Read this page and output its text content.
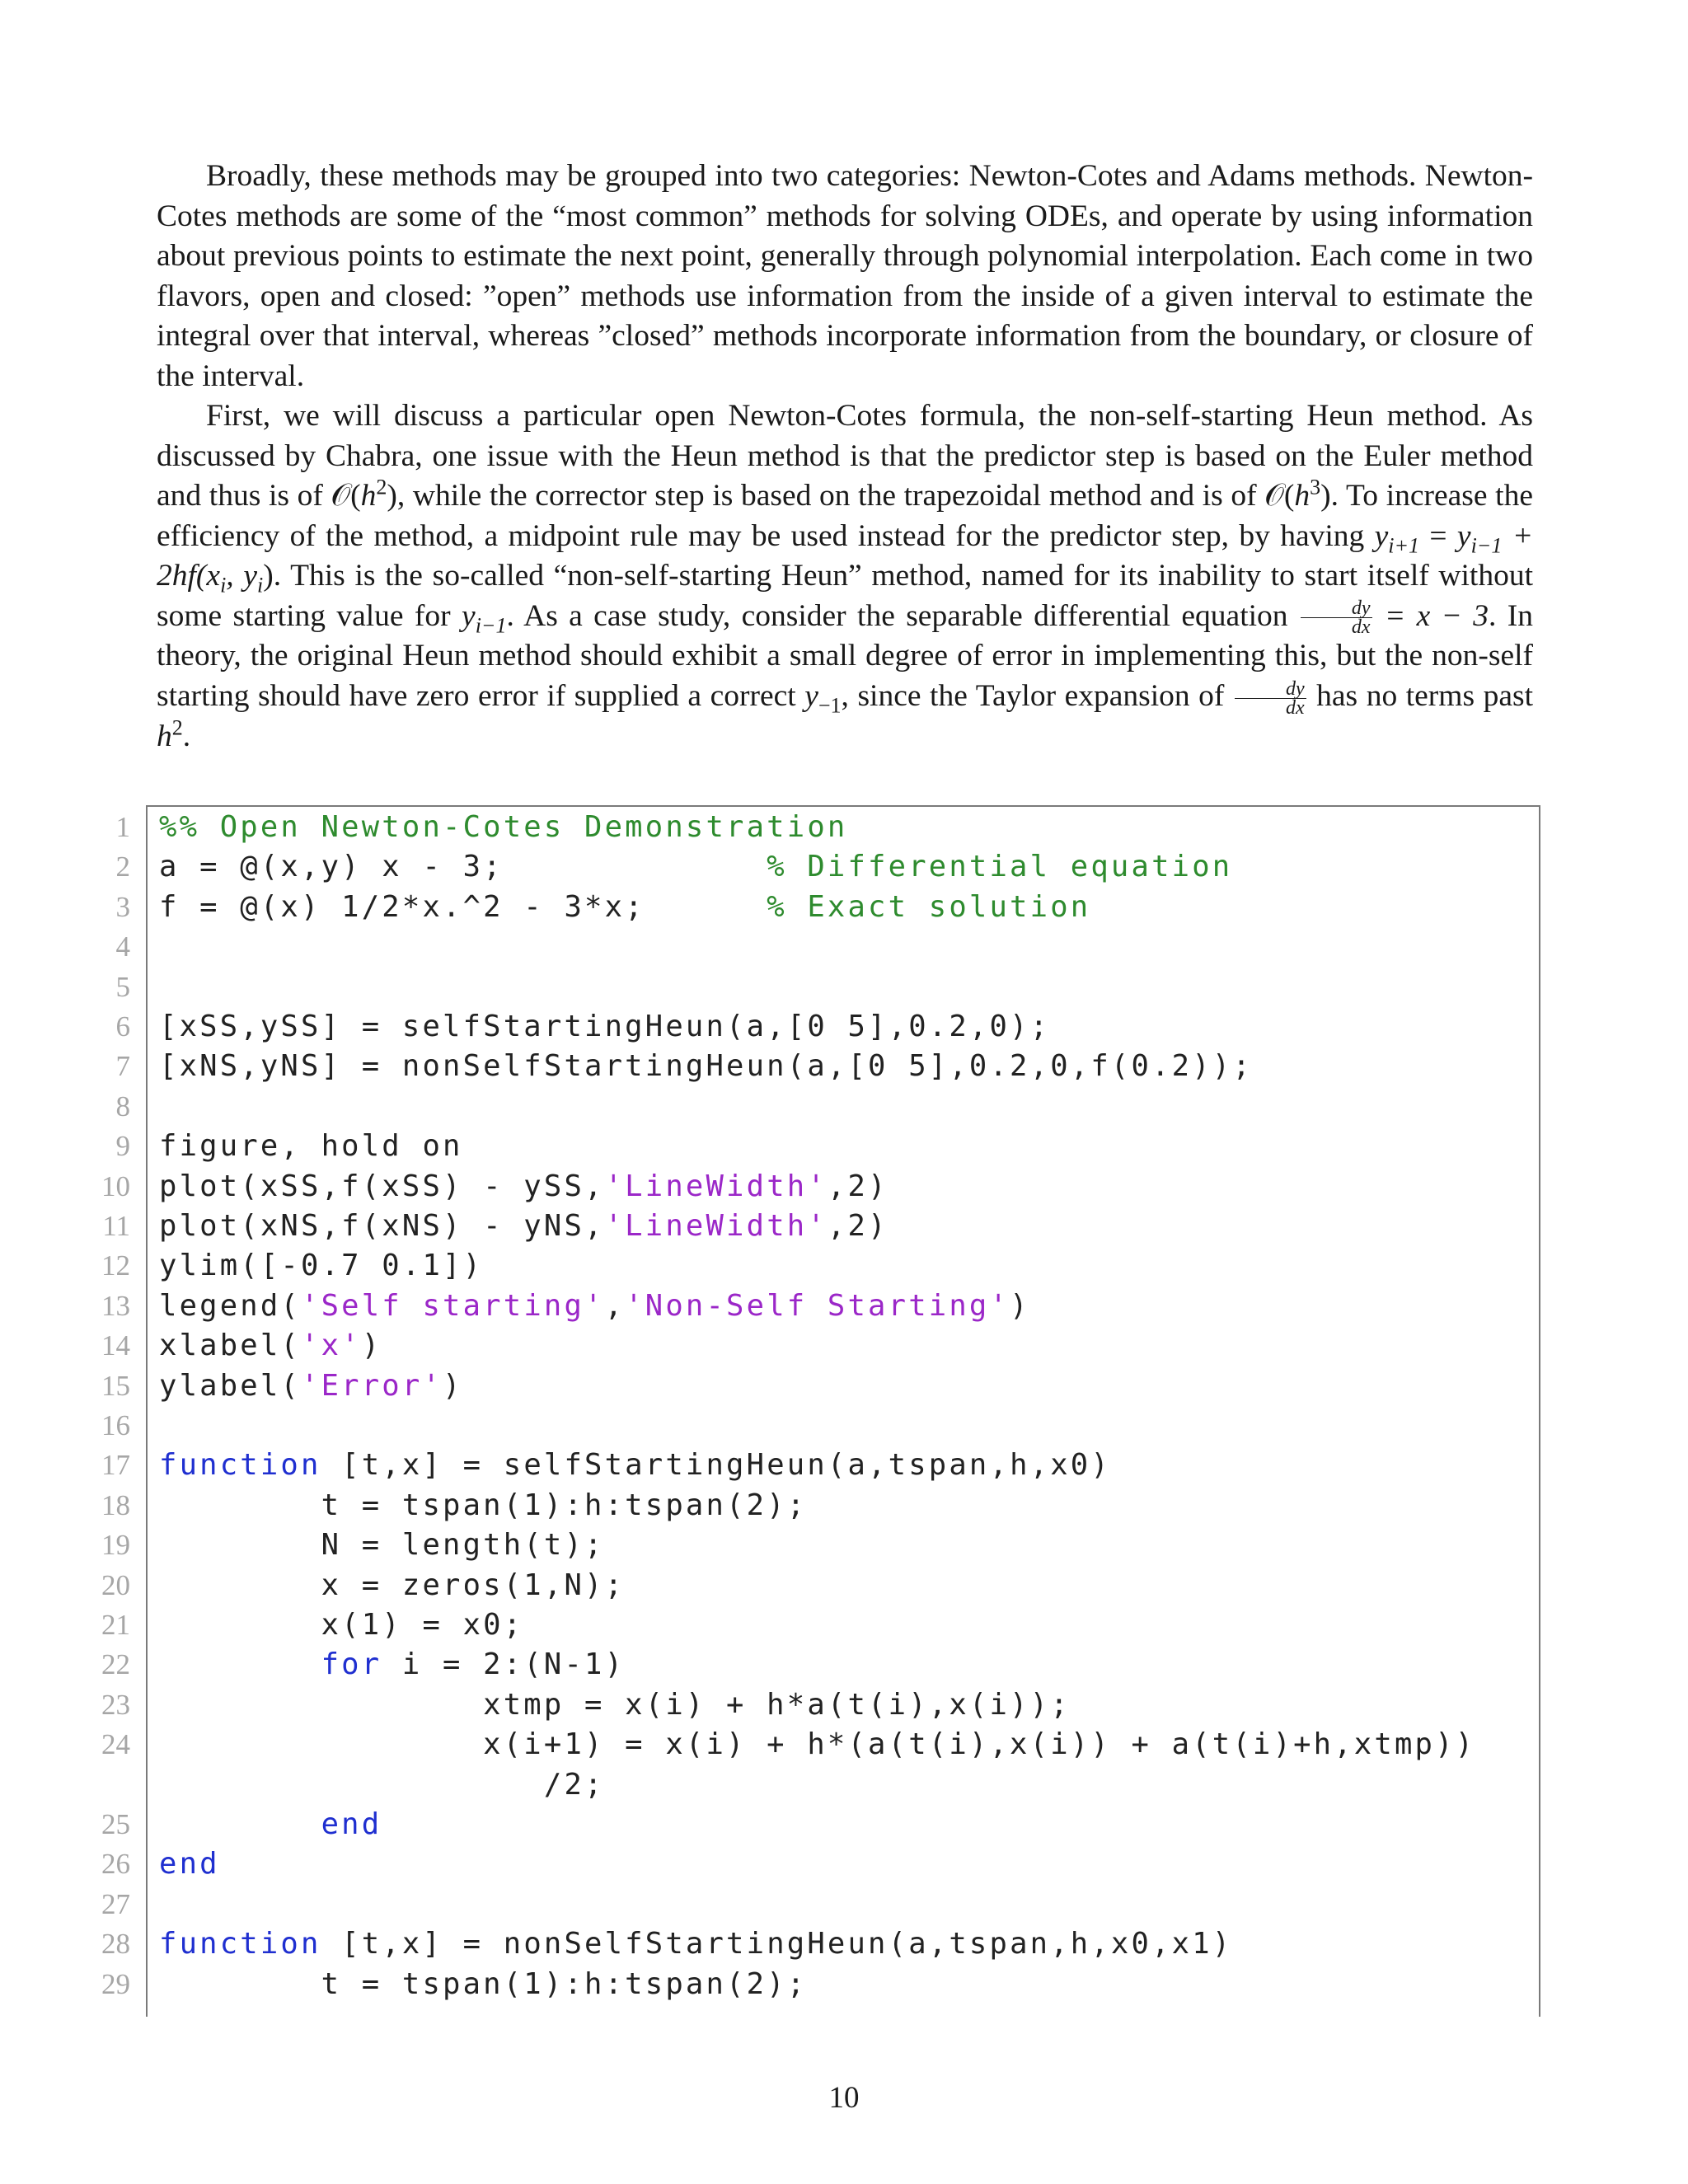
Broadly, these methods may be grouped into two categories: Newton-Cotes and Adams methods. Newton-Cotes methods are some of the “most common” methods for solving ODEs, and operate by using information about previous points to estimate the next point, generally through polynomial interpolation. Each come in two flavors, open and closed: ”open” methods use information from the inside of a given interval to estimate the integral over that interval, whereas ”closed” methods incorporate information from the boundary, or closure of the interval.

First, we will discuss a particular open Newton-Cotes formula, the non-self-starting Heun method. As discussed by Chabra, one issue with the Heun method is that the predictor step is based on the Euler method and thus is of $𝒪(h^2)$, while the corrector step is based on the trapezoidal method and is of $𝒪(h^3)$. To increase the efficiency of the method, a midpoint rule may be used instead for the predictor step, by having $y_{i+1} = y_{i-1} + 2hf(x_i$, $y_i$). This is the so-called “non-self-starting Heun” method, named for its inability to start itself without some starting value for $y_{i-1}$. As a case study, consider the separable differential equation $\frac{dy}{dx} = x - 3$. In theory, the original Heun method should exhibit a small degree of error in implementing this, but the non-self starting should have zero error if supplied a correct $y_{-1}$, since the Taylor expansion of $\frac{dy}{dx}$ has no terms past $h^2$.

1 %% Open Newton-Cotes Demonstration
2 a = @(x,y) x - 3;             % Differential equation
3 f = @(x) 1/2*x.^2 - 3*x;      % Exact solution
4
5
6 [xSS,ySS] = selfStartingHeun(a,[0 5],0.2,0);
7 [xNS,yNS] = nonSelfStartingHeun(a,[0 5],0.2,0,f(0.2));
8
9 figure, hold on
10 plot(xSS,f(xSS) - ySS,'LineWidth',2)
11 plot(xNS,f(xNS) - yNS,'LineWidth',2)
12 ylim([-0.7 0.1])
13 legend('Self starting','Non-Self Starting')
14 xlabel('x')
15 ylabel('Error')
16
17 function [t,x] = selfStartingHeun(a,tspan,h,x0)
18 t = tspan(1):h:tspan(2);
19 N = length(t);
20 x = zeros(1,N);
21 x(1) = x0;
22	for i = 2:(N-1)
23 xtmp = x(i) + h*a(t(i),x(i));
24 x(i+1) = x(i) + h*(a(t(i),x(i)) + a(t(i)+h,xtmp))
/2;
25	end
26 end
27
28 function [t,x] = nonSelfStartingHeun(a,tspan,h,x0,x1)
29 t = tspan(1):h:tspan(2);
10
